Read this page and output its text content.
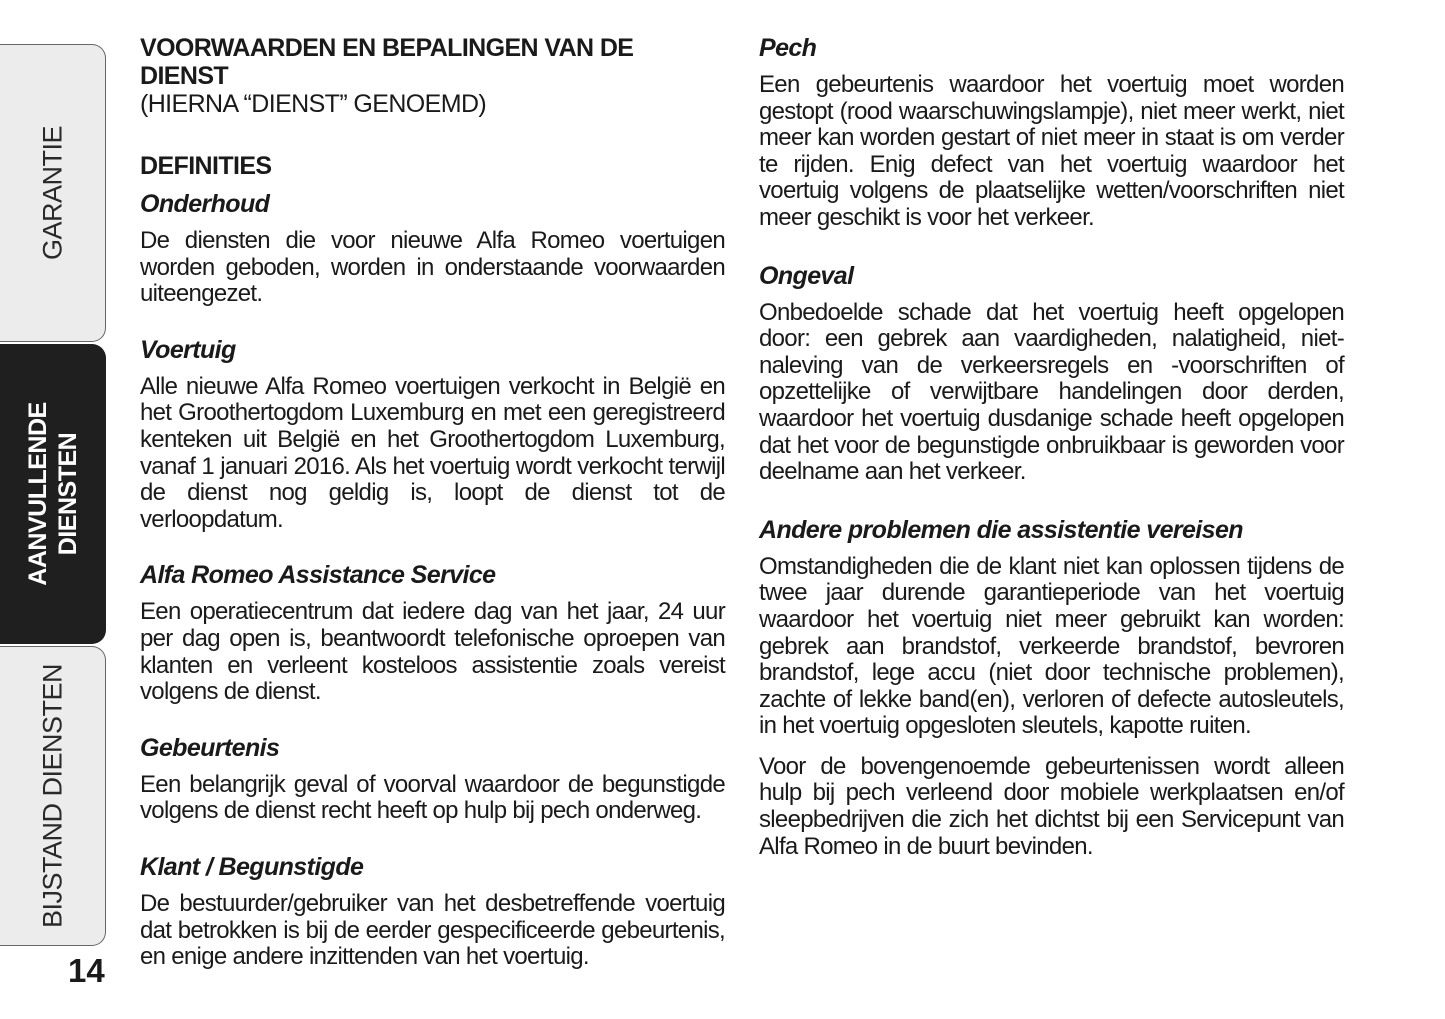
GARANTIE
AANVULLENDE
DIENSTEN
BIJSTAND DIENSTEN
14

VOORWAARDEN EN BEPALINGEN VAN DE DIENST

(HIERNA “DIENST” GENOEMD)

DEFINITIES

Onderhoud

De diensten die voor nieuwe Alfa Romeo voertuigen worden geboden, worden in onderstaande voorwaarden uiteengezet.

Voertuig

Alle nieuwe Alfa Romeo voertuigen verkocht in België en het Groothertogdom Luxemburg en met een geregistreerd kenteken uit België en het Groothertogdom Luxemburg, vanaf 1 januari 2016. Als het voertuig wordt verkocht terwijl de dienst nog geldig is, loopt de dienst tot de verloopdatum.

Alfa Romeo Assistance Service

Een operatiecentrum dat iedere dag van het jaar, 24 uur per dag open is, beantwoordt telefonische oproepen van klanten en verleent kosteloos assistentie zoals vereist volgens de dienst.

Gebeurtenis

Een belangrijk geval of voorval waardoor de begunstigde volgens de dienst recht heeft op hulp bij pech onderweg.

Klant / Begunstigde

De bestuurder/gebruiker van het desbetreffende voertuig dat betrokken is bij de eerder gespecificeerde gebeurtenis, en enige andere inzittenden van het voertuig.

Pech

Een gebeurtenis waardoor het voertuig moet worden gestopt (rood waarschuwingslampje), niet meer werkt, niet meer kan worden gestart of niet meer in staat is om verder te rijden. Enig defect van het voertuig waardoor het voertuig volgens de plaatselijke wetten/voorschriften niet meer geschikt is voor het verkeer.

Ongeval

Onbedoelde schade dat het voertuig heeft opgelopen door: een gebrek aan vaardigheden, nalatigheid, niet-naleving van de verkeersregels en -voorschriften of opzettelijke of verwijtbare handelingen door derden, waardoor het voertuig dusdanige schade heeft opgelopen dat het voor de begunstigde onbruikbaar is geworden voor deelname aan het verkeer.

Andere problemen die assistentie vereisen

Omstandigheden die de klant niet kan oplossen tijdens de twee jaar durende garantieperiode van het voertuig waardoor het voertuig niet meer gebruikt kan worden: gebrek aan brandstof, verkeerde brandstof, bevroren brandstof, lege accu (niet door technische problemen), zachte of lekke band(en), verloren of defecte autosleutels, in het voertuig opgesloten sleutels, kapotte ruiten.

Voor de bovengenoemde gebeurtenissen wordt alleen hulp bij pech verleend door mobiele werkplaatsen en/of sleepbedrijven die zich het dichtst bij een Servicepunt van Alfa Romeo in de buurt bevinden.
